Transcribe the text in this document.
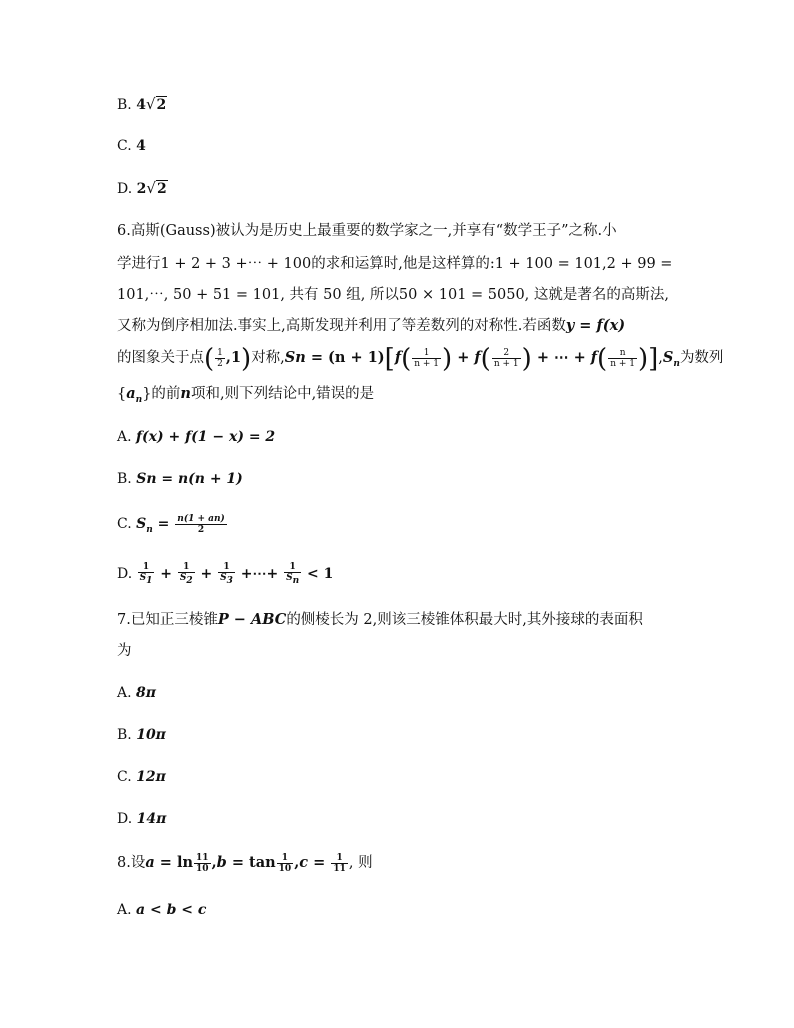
B. 4√2
C. 4
D. 2√2
6.高斯(Gauss)被认为是历史上最重要的数学家之一,并享有“数学王子”之称.小
学进行1 + 2 + 3 +⋯ + 100的求和运算时,他是这样算的:1 + 100 = 101,2 + 99 =
101,⋯, 50 + 51 = 101, 共有 50 组, 所以50 × 101 = 5050, 这就是著名的高斯法,
又称为倒序相加法.事实上,高斯发现并利用了等差数列的对称性.若函数y = f(x)
的图象关于点( $\frac{1}{2} ,1$)对称$,Sn = (n + 1)[f( \frac{1}{n + 1}$ ) + $f( \frac{2}{n + 1}$ ) + ⋯ + $f( \frac{n}{n + 1} )],S_n$为数列
$\{a_n\}$的前n项和,则下列结论中,错误的是
A. f(x) + f(1 − x) = 2
B. Sn = n(n + 1)
C. $S_n = \frac{n(1 + an)}{2}$
D. $\frac{1}{S_1} + \frac{1}{S_2} + \frac{1}{S_3}$ +⋯+ $\frac{1}{S_n} < 1$
7.已知正三棱锥P − ABC的侧棱长为 2,则该三棱锥体积最大时,其外接球的表面积
为
A. 8π
B. 10π
C. 12π
D. 14π
8.设$a = \ln \frac{11}{10} ,b = \tan \frac{1}{10} ,c = \frac{1}{11}$ , 则
A. a < b < c
